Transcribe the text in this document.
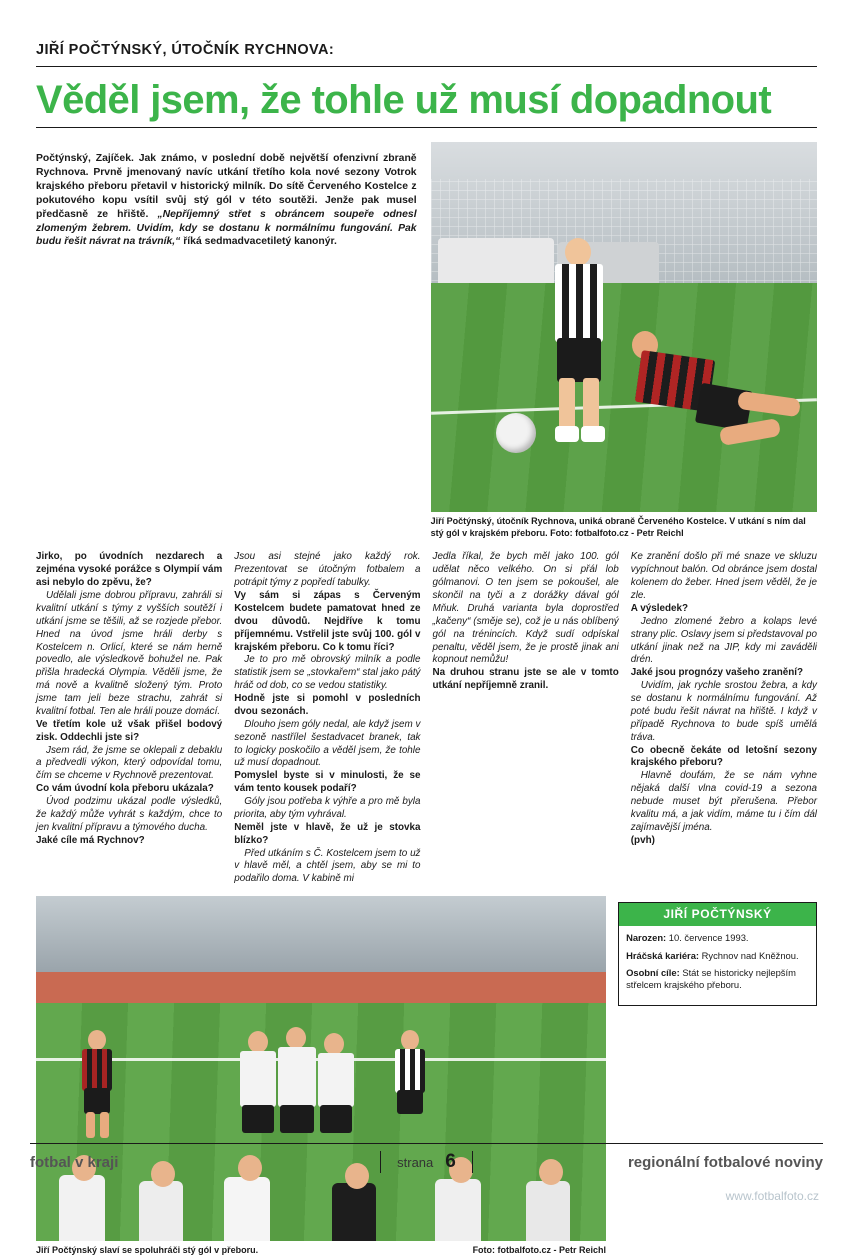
JIŘÍ POČTÝNSKÝ, ÚTOČNÍK RYCHNOVA:
Věděl jsem, že tohle už musí dopadnout

Počtýnský, Zajíček. Jak známo, v poslední době největší ofenzivní zbraně Rychnova. Prvně jmenovaný navíc utkání třetího kola nové sezony Votrok krajského přeboru přetavil v historický milník. Do sítě Červeného Kostelce z pokutového kopu vsítil svůj stý gól v této soutěži. Jenže pak musel předčasně ze hřiště. „Nepříjemný střet s obráncem soupeře odnesl zlomeným žebrem. Uvidím, kdy se dostanu k normálnímu fungování. Pak budu řešit návrat na trávník,“ říká sedmadvacetiletý kanonýr.

Jiří Počtýnský, útočník Rychnova, uniká obraně Červeného Kostelce. V utkání s ním dal stý gól v krajském přeboru. Foto: fotbalfoto.cz - Petr Reichl

Jirko, po úvodních nezdarech a zejména vysoké porážce s Olympií vám asi nebylo do zpěvu, že?

Udělali jsme dobrou přípravu, zahráli si kvalitní utkání s týmy z vyšších soutěží i utkání jsme se těšili, až se rozjede přebor. Hned na úvod jsme hráli derby s Kostelcem n. Orlicí, které se nám herně povedlo, ale výsledkově bohužel ne. Pak přišla hradecká Olympia. Věděli jsme, že má nově a kvalitně složený tým. Proto jsme tam jeli beze strachu, zahrát si kvalitní fotbal. Ten ale hráli pouze domácí.

Ve třetím kole už však přišel bodový zisk. Oddechli jste si?

Jsem rád, že jsme se oklepali z debaklu a předvedli výkon, který odpovídal tomu, čím se chceme v Rychnově prezentovat.

Co vám úvodní kola přeboru ukázala?

Úvod podzimu ukázal podle výsledků, že každý může vyhrát s každým, chce to jen kvalitní přípravu a týmového ducha.

Jaké cíle má Rychnov?

Jsou asi stejné jako každý rok. Prezentovat se útočným fotbalem a potrápit týmy z popředí tabulky.

Vy sám si zápas s Červeným Kostelcem budete pamatovat hned ze dvou důvodů. Nejdříve k tomu příjemnému. Vstřelil jste svůj 100. gól v krajském přeboru. Co k tomu říci?

Je to pro mě obrovský milník a podle statistik jsem se „stovkařem“ stal jako pátý hráč od dob, co se vedou statistiky.

Hodně jste si pomohl v posledních dvou sezonách.

Dlouho jsem góly nedal, ale když jsem v sezoně nastřílel šestadvacet branek, tak to logicky poskočilo a věděl jsem, že tohle už musí dopadnout.

Pomyslel byste si v minulosti, že se vám tento kousek podaří?

Góly jsou potřeba k výhře a pro mě byla priorita, aby tým vyhrával.

Neměl jste v hlavě, že už je stovka blízko?

Před utkáním s Č. Kostelcem jsem to už v hlavě měl, a chtěl jsem, aby se mi to podařilo doma. V kabině mi

Jedla říkal, že bych měl jako 100. gól udělat něco velkého. On si přál lob gólmanovi. O ten jsem se pokoušel, ale skončil na tyči a z dorážky dával gól Mňuk. Druhá varianta byla doprostřed „kačeny“ (směje se), což je u nás oblíbený gól na trénincích. Když sudí odpískal penaltu, věděl jsem, že je prostě jinak ani kopnout nemůžu!

Na druhou stranu jste se ale v tomto utkání nepříjemně zranil.

Ke zranění došlo při mé snaze ve skluzu vypíchnout balón. Od obránce jsem dostal kolenem do žeber. Hned jsem věděl, že je zle.

A výsledek?

Jedno zlomené žebro a kolaps levé strany plic. Oslavy jsem si představoval po utkání jinak než na JIP, kdy mi zaváděli drén.

Jaké jsou prognózy vašeho zranění?

Uvidím, jak rychle srostou žebra, a kdy se dostanu k normálnímu fungování. Až poté budu řešit návrat na hřiště. I když v případě Rychnova to bude spíš umělá tráva.

Co obecně čekáte od letošní sezony krajského přeboru?

Hlavně doufám, že se nám vyhne nějaká další vlna covid-19 a sezona nebude muset být přerušena. Přebor kvalitu má, a jak vidím, máme tu i čím dál zajímavější jména.

(pvh)

Jiří Počtýnský slaví se spoluhráči stý gól v přeboru.	Foto: fotbalfoto.cz - Petr Reichl
JIŘÍ POČTÝNSKÝ

Narozen: 10. července 1993.

Hráčská kariéra: Rychnov nad Kněžnou.

Osobní cíle: Stát se historicky nejlepším střelcem krajského přeboru.

fotbal v kraji	strana 6	regionální fotbalové noviny
www.fotbalfoto.cz
